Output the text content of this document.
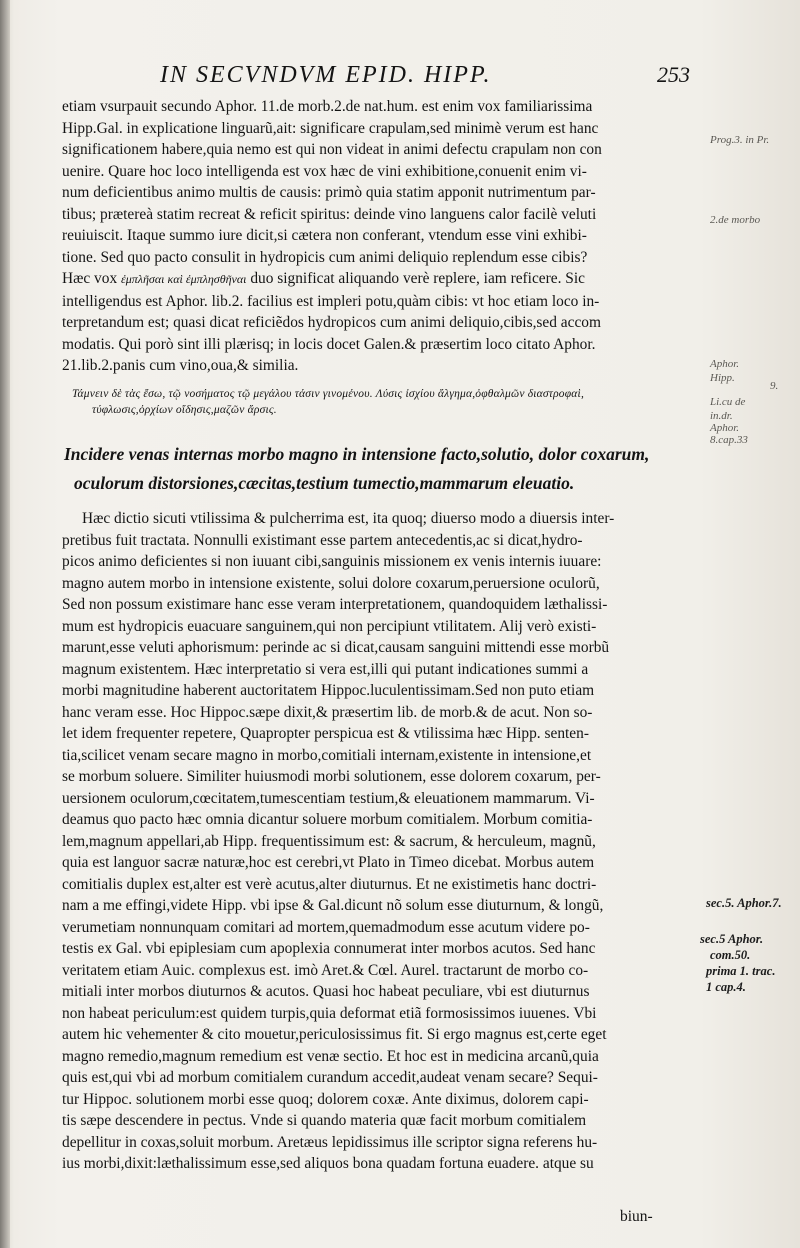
IN SECVNDVM EPID. HIPP.	253

etiam vsurpauit secundo Aphor. 11.de morb.2.de nat.hum. est enim vox familiarissima

Hipp.Gal. in explicatione linguarũ,ait: significare crapulam,sed minimè verum est hanc

significationem habere,quia nemo est qui non videat in animi defectu crapulam non con

uenire. Quare hoc loco intelligenda est vox hæc de vini exhibitione,conuenit enim vi-

num deficientibus animo multis de causis: primò quia statim apponit nutrimentum par-

tibus; prætereà statim recreat & reficit spiritus: deinde vino languens calor facilè veluti

reuiuiscit. Itaque summo iure dicit,si cætera non conferant, vtendum esse vini exhibi-

tione. Sed quo pacto consulit in hydropicis cum animi deliquio replendum esse cibis?

Hæc vox ἐμπλῆσαι καὶ ἐμπλησθῆναι duo significat aliquando verè replere, iam reficere. Sic

intelligendus est Aphor. lib.2. facilius est impleri potu,quàm cibis: vt hoc etiam loco in-

terpretandum est; quasi dicat reficiẽdos hydropicos cum animi deliquio,cibis,sed accom

modatis. Qui porò sint illi plærisq; in locis docet Galen.& præsertim loco citato Aphor.

21.lib.2.panis cum vino,oua,& similia.

Τάμνειν δὲ τὰς ἔσω, τῷ νοσήματος τῷ μεγάλου τάσιν γινομένου. Λύσις ἰσχίου ἄλγημα,ὀφθαλμῶν διαστροφαὶ,
τύφλωσις,ὀρχίων οἴδησις,μαζῶν ἄρσις.
Incidere venas internas morbo magno in intensione facto,solutio, dolor coxarum,
oculorum distorsiones,cæcitas,testium tumectio,mammarum eleuatio.

Hæc dictio sicuti vtilissima & pulcherrima est, ita quoq; diuerso modo a diuersis inter-

pretibus fuit tractata. Nonnulli existimant esse partem antecedentis,ac si dicat,hydro-

picos animo deficientes si non iuuant cibi,sanguinis missionem ex venis internis iuuare:

magno autem morbo in intensione existente, solui dolore coxarum,peruersione oculorũ,

Sed non possum existimare hanc esse veram interpretationem, quandoquidem læthalissi-

mum est hydropicis euacuare sanguinem,qui non percipiunt vtilitatem. Alij verò existi-

marunt,esse veluti aphorismum: perinde ac si dicat,causam sanguini mittendi esse morbũ

magnum existentem. Hæc interpretatio si vera est,illi qui putant indicationes summi a

morbi magnitudine haberent auctoritatem Hippoc.luculentissimam.Sed non puto etiam

hanc veram esse. Hoc Hippoc.sæpe dixit,& præsertim lib. de morb.& de acut. Non so-

let idem frequenter repetere, Quapropter perspicua est & vtilissima hæc Hipp. senten-

tia,scilicet venam secare magno in morbo,comitiali internam,existente in intensione,et

se morbum soluere. Similiter huiusmodi morbi solutionem, esse dolorem coxarum, per-

uersionem oculorum,cœcitatem,tumescentiam testium,& eleuationem mammarum. Vi-

deamus quo pacto hæc omnia dicantur soluere morbum comitialem. Morbum comitia-

lem,magnum appellari,ab Hipp. frequentissimum est: & sacrum, & herculeum, magnũ,

quia est languor sacræ naturæ,hoc est cerebri,vt Plato in Timeo dicebat. Morbus autem

comitialis duplex est,alter est verè acutus,alter diuturnus. Et ne existimetis hanc doctri-

nam a me effingi,videte Hipp. vbi ipse & Gal.dicunt nõ solum esse diuturnum, & longũ,

verumetiam nonnunquam comitari ad mortem,quemadmodum esse acutum videre po-

testis ex Gal. vbi epiplesiam cum apoplexia connumerat inter morbos acutos. Sed hanc

veritatem etiam Auic. complexus est. imò Aret.& Cœl. Aurel. tractarunt de morbo co-

mitiali inter morbos diuturnos & acutos. Quasi hoc habeat peculiare, vbi est diuturnus

non habeat periculum:est quidem turpis,quia deformat etiã formosissimos iuuenes. Vbi

autem hic vehementer & cito mouetur,periculosissimus fit. Si ergo magnus est,certe eget

magno remedio,magnum remedium est venæ sectio. Et hoc est in medicina arcanũ,quia

quis est,qui vbi ad morbum comitialem curandum accedit,audeat venam secare? Sequi-

tur Hippoc. solutionem morbi esse quoq; dolorem coxæ. Ante diximus, dolorem capi-

tis sæpe descendere in pectus. Vnde si quando materia quæ facit morbum comitialem

depellitur in coxas,soluit morbum. Aretæus lepidissimus ille scriptor signa referens hu-

ius morbi,dixit:læthalissimum esse,sed aliquos bona quadam fortuna euadere. atque su

Prog.3. in Pr.
2.de morbo
Aphor.
Hipp.
9.
Li.cu de
in.dr.
Aphor.
8.cap.33
sec.5. Aphor.7.
sec.5 Aphor.
com.50.
prima 1. trac.
1 cap.4.
biun-
